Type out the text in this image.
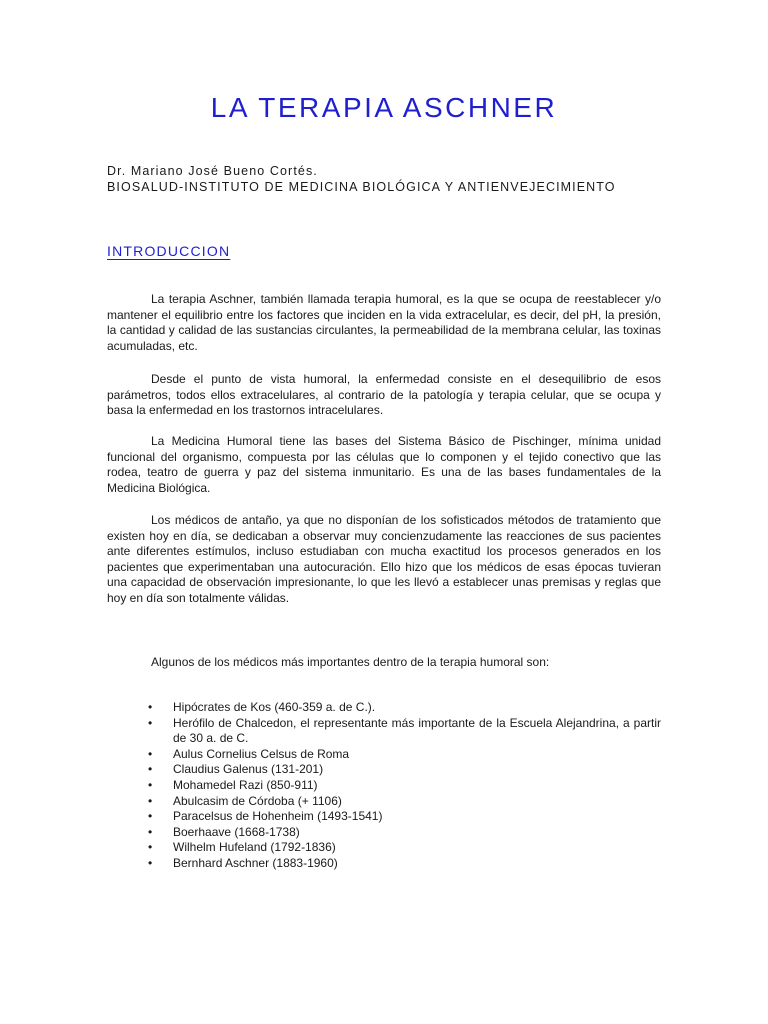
LA TERAPIA ASCHNER
Dr. Mariano José Bueno Cortés.
BIOSALUD-INSTITUTO DE MEDICINA BIOLÓGICA Y ANTIENVEJECIMIENTO
INTRODUCCION

La terapia Aschner, también llamada terapia humoral, es la que se ocupa de reestablecer y/o mantener el equilibrio entre los factores que inciden en la vida extracelular, es decir, del pH, la presión, la cantidad y calidad de las sustancias circulantes, la permeabilidad de la membrana celular, las toxinas acumuladas, etc.

Desde el punto de vista humoral, la enfermedad consiste en el desequilibrio de esos parámetros, todos ellos extracelulares, al contrario de la patología y terapia celular, que se ocupa y basa la enfermedad en los trastornos intracelulares.

La Medicina Humoral tiene las bases del Sistema Básico de Pischinger, mínima unidad funcional del organismo, compuesta por las células que lo componen y el tejido conectivo que las rodea, teatro de guerra y paz del sistema inmunitario. Es una de las bases fundamentales de la Medicina Biológica.

Los médicos de antaño, ya que no disponían de los sofisticados métodos de tratamiento que existen hoy en día, se dedicaban a observar muy concienzudamente las reacciones de sus pacientes ante diferentes estímulos, incluso estudiaban con mucha exactitud los procesos generados en los pacientes que experimentaban una autocuración. Ello hizo que los médicos de esas épocas tuvieran una capacidad de observación impresionante, lo que les llevó a establecer unas premisas y reglas que hoy en día son totalmente válidas.

Algunos de los médicos más importantes dentro de la terapia humoral son:

• Hipócrates de Kos (460-359 a. de C.).
• Herófilo de Chalcedon, el representante más importante de la Escuela Alejandrina, a partir de 30 a. de C.
• Aulus Cornelius Celsus de Roma
• Claudius Galenus (131-201)
• Mohamedel Razi (850-911)
• Abulcasim de Córdoba (+ 1106)
• Paracelsus de Hohenheim (1493-1541)
• Boerhaave (1668-1738)
• Wilhelm Hufeland (1792-1836)
• Bernhard Aschner (1883-1960)
